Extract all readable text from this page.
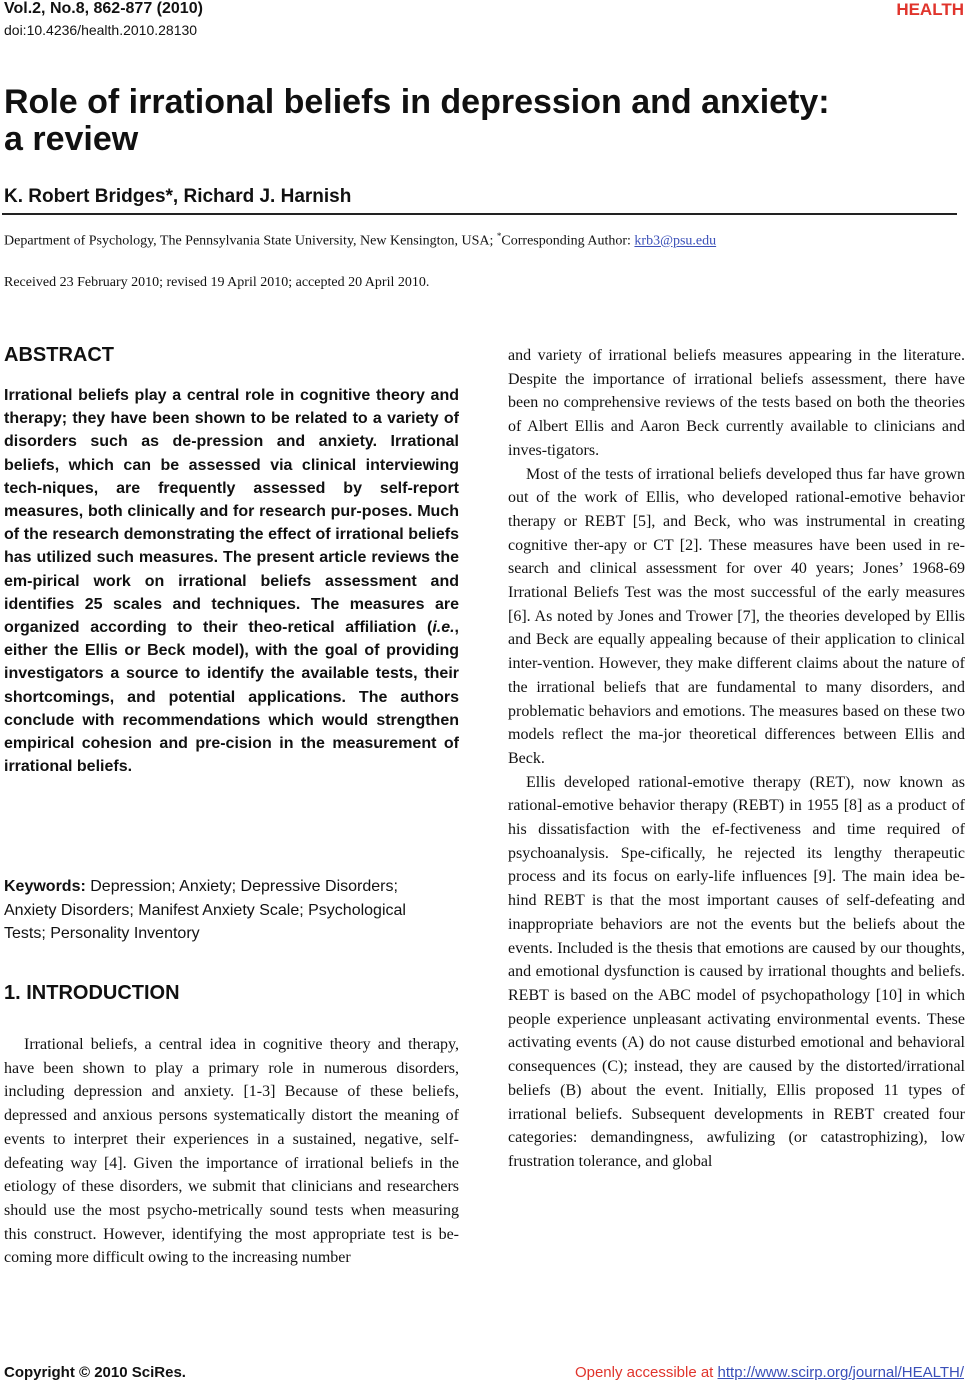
Vol.2, No.8, 862-877 (2010)
doi:10.4236/health.2010.28130
HEALTH
Role of irrational beliefs in depression and anxiety:
a review
K. Robert Bridges*, Richard J. Harnish
Department of Psychology, The Pennsylvania State University, New Kensington, USA; *Corresponding Author: krb3@psu.edu
Received 23 February 2010; revised 19 April 2010; accepted 20 April 2010.
ABSTRACT
Irrational beliefs play a central role in cognitive theory and therapy; they have been shown to be related to a variety of disorders such as de-pression and anxiety. Irrational beliefs, which can be assessed via clinical interviewing tech-niques, are frequently assessed by self-report measures, both clinically and for research pur-poses. Much of the research demonstrating the effect of irrational beliefs has utilized such measures. The present article reviews the em-pirical work on irrational beliefs assessment and identifies 25 scales and techniques. The measures are organized according to their theo-retical affiliation (i.e., either the Ellis or Beck model), with the goal of providing investigators a source to identify the available tests, their shortcomings, and potential applications. The authors conclude with recommendations which would strengthen empirical cohesion and pre-cision in the measurement of irrational beliefs.
Keywords: Depression; Anxiety; Depressive Disorders; Anxiety Disorders; Manifest Anxiety Scale; Psychological Tests; Personality Inventory
1. INTRODUCTION
Irrational beliefs, a central idea in cognitive theory and therapy, have been shown to play a primary role in numerous disorders, including depression and anxiety. [1-3] Because of these beliefs, depressed and anxious persons systematically distort the meaning of events to interpret their experiences in a sustained, negative, self-defeating way [4]. Given the importance of irrational beliefs in the etiology of these disorders, we submit that clinicians and researchers should use the most psycho-metrically sound tests when measuring this construct. However, identifying the most appropriate test is be-coming more difficult owing to the increasing number

and variety of irrational beliefs measures appearing in the literature. Despite the importance of irrational beliefs assessment, there have been no comprehensive reviews of the tests based on both the theories of Albert Ellis and Aaron Beck currently available to clinicians and inves-tigators.

Most of the tests of irrational beliefs developed thus far have grown out of the work of Ellis, who developed rational-emotive behavior therapy or REBT [5], and Beck, who was instrumental in creating cognitive ther-apy or CT [2]. These measures have been used in re-search and clinical assessment for over 40 years; Jones’ 1968-69 Irrational Beliefs Test was the most successful of the early measures [6]. As noted by Jones and Trower [7], the theories developed by Ellis and Beck are equally appealing because of their application to clinical inter-vention. However, they make different claims about the nature of the irrational beliefs that are fundamental to many disorders, and problematic behaviors and emotions. The measures based on these two models reflect the ma-jor theoretical differences between Ellis and Beck.

Ellis developed rational-emotive therapy (RET), now known as rational-emotive behavior therapy (REBT) in 1955 [8] as a product of his dissatisfaction with the ef-fectiveness and time required of psychoanalysis. Spe-cifically, he rejected its lengthy therapeutic process and its focus on early-life influences [9]. The main idea be-hind REBT is that the most important causes of self-defeating and inappropriate behaviors are not the events but the beliefs about the events. Included is the thesis that emotions are caused by our thoughts, and emotional dysfunction is caused by irrational thoughts and beliefs. REBT is based on the ABC model of psychopathology [10] in which people experience unpleasant activating environmental events. These activating events (A) do not cause disturbed emotional and behavioral consequences (C); instead, they are caused by the distorted/irrational beliefs (B) about the event. Initially, Ellis proposed 11 types of irrational beliefs. Subsequent developments in REBT created four categories: demandingness, awfulizing (or catastrophizing), low frustration tolerance, and global

Copyright © 2010 SciRes.	Openly accessible at http://www.scirp.org/journal/HEALTH/
